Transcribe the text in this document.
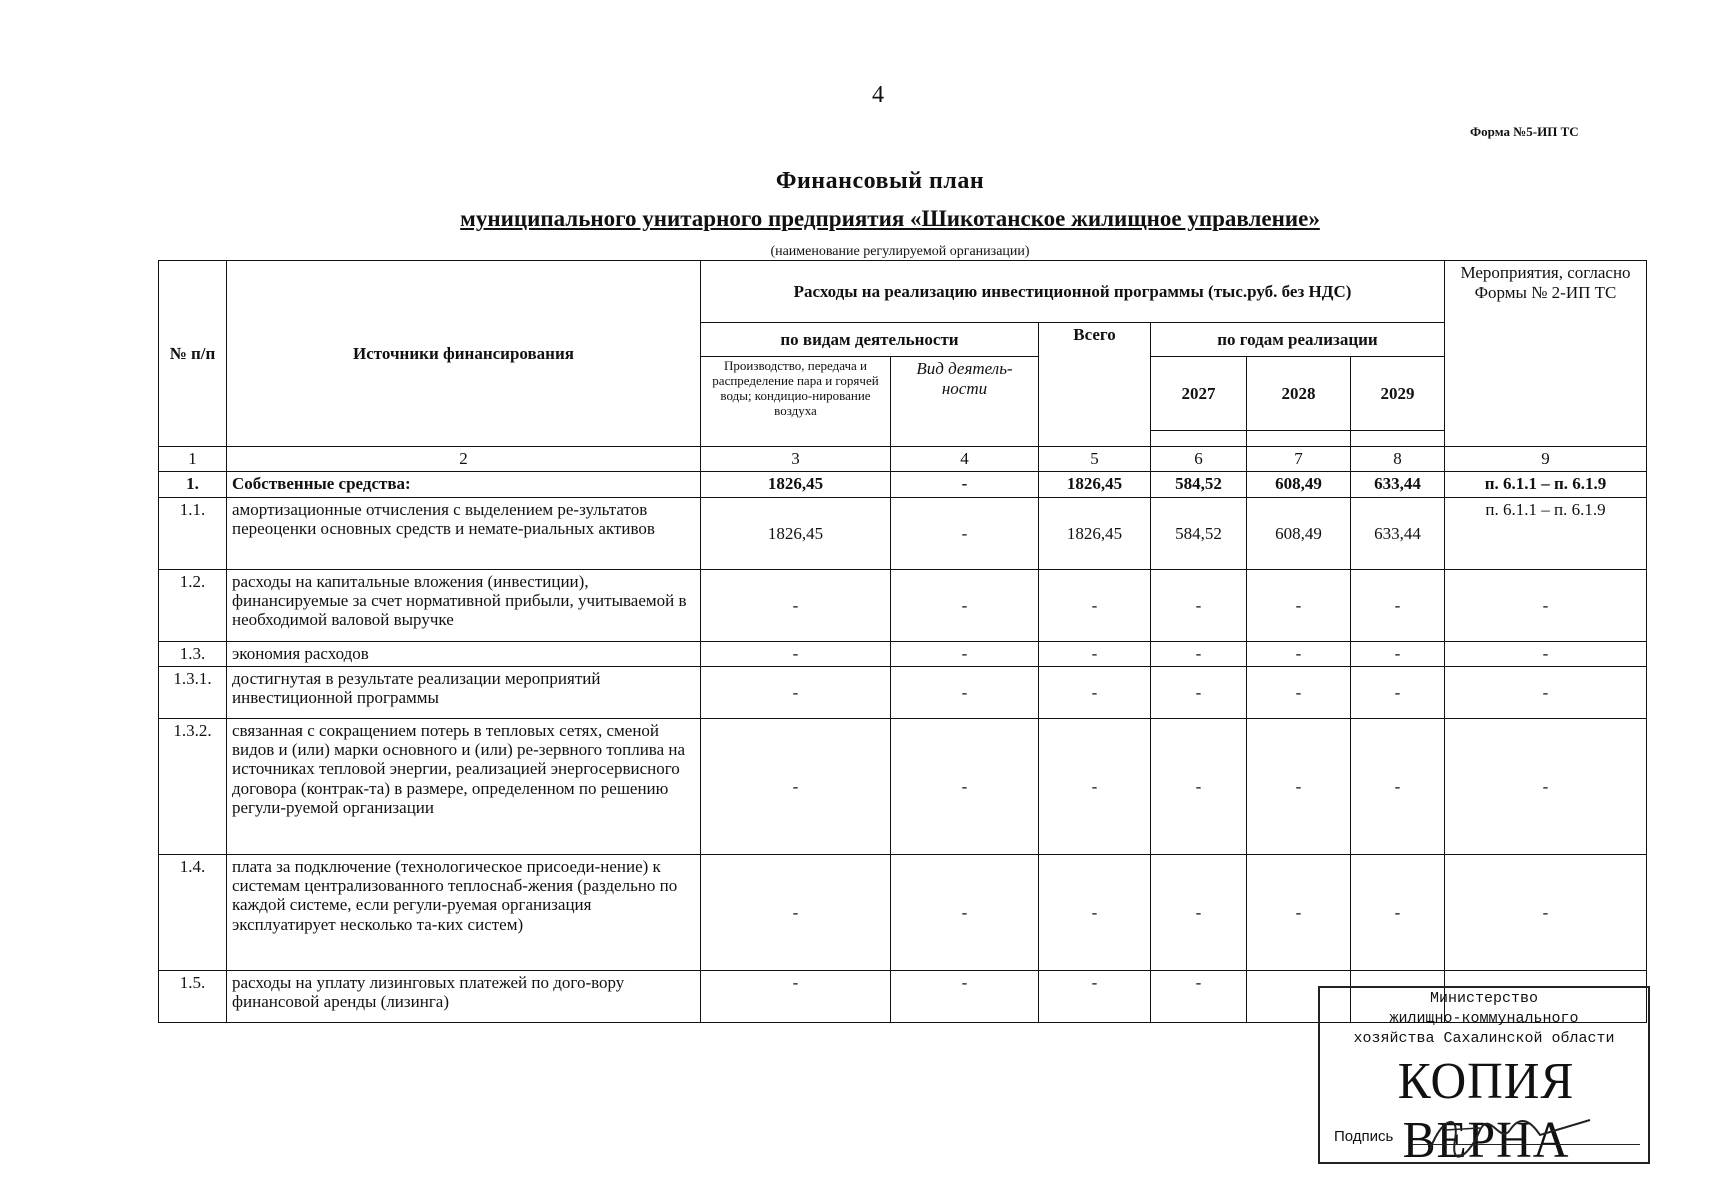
4
Форма №5-ИП ТС
Финансовый план
муниципального унитарного предприятия «Шикотанское жилищное управление»
(наименование регулируемой организации)
№ п/п	Источники финансирования	Расходы на реализацию инвестиционной программы (тыс.руб. без НДС)						Мероприятия, согласно Формы № 2-ИП ТС
		по видам деятельности		Всего	по годам реализации			
		Производство, передача и распределение пара и горячей воды; кондицио-нирование воздуха	Вид деятель-ности		2027	2028	2029	

1	2	3	4	5	6	7	8	9
1.	Собственные средства:	1826,45	-	1826,45	584,52	608,49	633,44	п. 6.1.1 – п. 6.1.9
1.1.	амортизационные отчисления с выделением ре-зультатов переоценки основных средств и немате-риальных активов	1826,45	-	1826,45	584,52	608,49	633,44	п. 6.1.1 – п. 6.1.9
1.2.	расходы на капитальные вложения (инвестиции), финансируемые за счет нормативной прибыли, учитываемой в необходимой валовой выручке	-	-	-	-	-	-	-
1.3.	экономия расходов	-	-	-	-	-	-	-
1.3.1.	достигнутая в результате реализации мероприятий инвестиционной программы	-	-	-	-	-	-	-
1.3.2.	связанная с сокращением потерь в тепловых сетях, сменой видов и (или) марки основного и (или) ре-зервного топлива на источниках тепловой энергии, реализацией энергосервисного договора (контрак-та) в размере, определенном по решению регули-руемой организации	-	-	-	-	-	-	-
1.4.	плата за подключение (технологическое присоеди-нение) к системам централизованного теплоснаб-жения (раздельно по каждой системе, если регули-руемая организация эксплуатирует несколько та-ких систем)	-	-	-	-	-	-	-
1.5.	расходы на уплату лизинговых платежей по дого-вору финансовой аренды (лизинга)	-	-	-	-			
Министерство
жилищно-коммунального
хозяйства Сахалинской области
КОПИЯ ВЕРНА
Подпись
